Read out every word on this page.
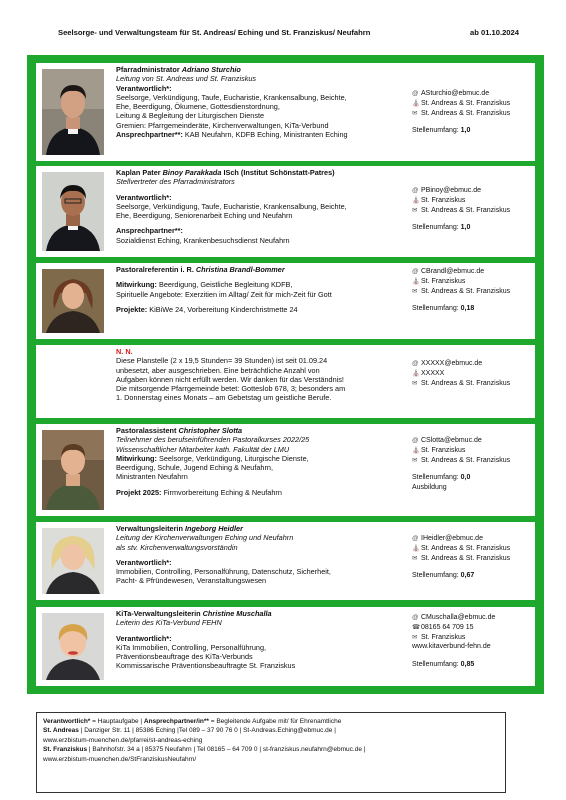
Seelsorge- und Verwaltungsteam für St. Andreas/ Eching und St. Franziskus/ Neufahrn	ab 01.10.2024
Pfarradministrator Adriano Sturchio
Leitung von St. Andreas und St. Franziskus
Verantwortlich*:
Seelsorge, Verkündigung, Taufe, Eucharistie, Krankensalbung, Beichte,
Ehe, Beerdigung, Ökumene, Gottesdienstordnung,
Leitung & Begleitung der Liturgischen Dienste
Gremien: Pfarrgemeinderäte, Kirchenverwaltungen, KiTa-Verbund
Ansprechpartner**: KAB Neufahrn, KDFB Eching, Ministranten Eching
@ ASturchio@ebmuc.de
⛪St. Andreas & St. Franziskus
✉ St. Andreas & St. Franziskus
Stellenumfang: 1,0
Kaplan Pater Binoy Parakkada ISch (Institut Schönstatt-Patres)
Stellvertreter des Pfarradministrators
Verantwortlich*:
Seelsorge, Verkündigung, Taufe, Eucharistie, Krankensalbung, Beichte,
Ehe, Beerdigung, Seniorenarbeit Eching und Neufahrn
Ansprechpartner**:
Sozialdienst Eching, Krankenbesuchsdienst Neufahrn
@ PBinoy@ebmuc.de
⛪St. Franziskus
✉ St. Andreas & St. Franziskus
Stellenumfang: 1,0
Pastoralreferentin i. R. Christina Brandl-Bommer
Mitwirkung: Beerdigung, Geistliche Begleitung KDFB,
Spirituelle Angebote: Exerzitien im Alltag/ Zeit für mich-Zeit für Gott
Projekte: KiBiWe 24, Vorbereitung Kinderchristmette 24
@ CBrandl@ebmuc.de
⛪St. Franziskus
✉ St. Andreas & St. Franziskus
Stellenumfang: 0,18
N. N.
Diese Planstelle (2 x 19,5 Stunden= 39 Stunden) ist seit 01.09.24
unbesetzt, aber ausgeschrieben. Eine beträchtliche Anzahl von
Aufgaben können nicht erfüllt werden. Wir danken für das Verständnis!
Die mitsorgende Pfarrgemeinde betet: Gotteslob 678, 3; besonders am
1. Donnerstag eines Monats – am Gebetstag um geistliche Berufe.
@ XXXXX@ebmuc.de
⛪XXXXX
✉ St. Andreas & St. Franziskus
Pastoralassistent Christopher Slotta
Teilnehmer des berufseinführenden Pastoralkurses 2022/25
Wissenschaftlicher Mitarbeiter kath. Fakultät der LMU
Mitwirkung: Seelsorge, Verkündigung, Liturgische Dienste,
Beerdigung, Schule, Jugend Eching & Neufahrn,
Ministranten Neufahrn
Projekt 2025: Firmvorbereitung Eching & Neufahrn
@ CSlotta@ebmuc.de
⛪St. Franziskus
✉ St. Andreas & St. Franziskus
Stellenumfang: 0,0
Ausbildung
Verwaltungsleiterin Ingeborg Heidler
Leitung der Kirchenverwaltungen Eching und Neufahrn
als stv. Kirchenverwaltungsvorständin
Verantwortlich*:
Immobilien, Controlling, Personalführung, Datenschutz, Sicherheit,
Pacht- & Pfründewesen, Veranstaltungswesen
@ IHeidler@ebmuc.de
⛪St. Andreas & St. Franziskus
✉ St. Andreas & St. Franziskus
Stellenumfang: 0,67
KiTa-Verwaltungsleiterin Christine Muschalla
Leiterin des KiTa-Verbund FEHN
Verantwortlich*:
KiTa Immobilien, Controlling, Personalführung,
Präventionsbeauftrage des KiTa-Verbunds
Kommissarische Präventionsbeauftragte St. Franziskus
@ CMuschalla@ebmuc.de
☎08165 64 709 15
✉ St. Franziskus
www.kitaverbund-fehn.de
Stellenumfang: 0,85
Verantwortlich* = Hauptaufgabe | Ansprechpartner/in** = Begleitende Aufgabe mit/ für Ehrenamtliche
St. Andreas | Danziger Str. 11 | 85386 Eching |Tel 089 – 37 90 76 0 | St-Andreas.Eching@ebmuc.de |
www.erzbistum-muenchen.de/pfarrei/st-andreas-eching
St. Franziskus | Bahnhofstr. 34 a | 85375 Neufahrn | Tel 08165 – 64 709 0 | st-franziskus.neufahrn@ebmuc.de |
www.erzbistum-muenchen.de/StFranziskusNeufahrn/
